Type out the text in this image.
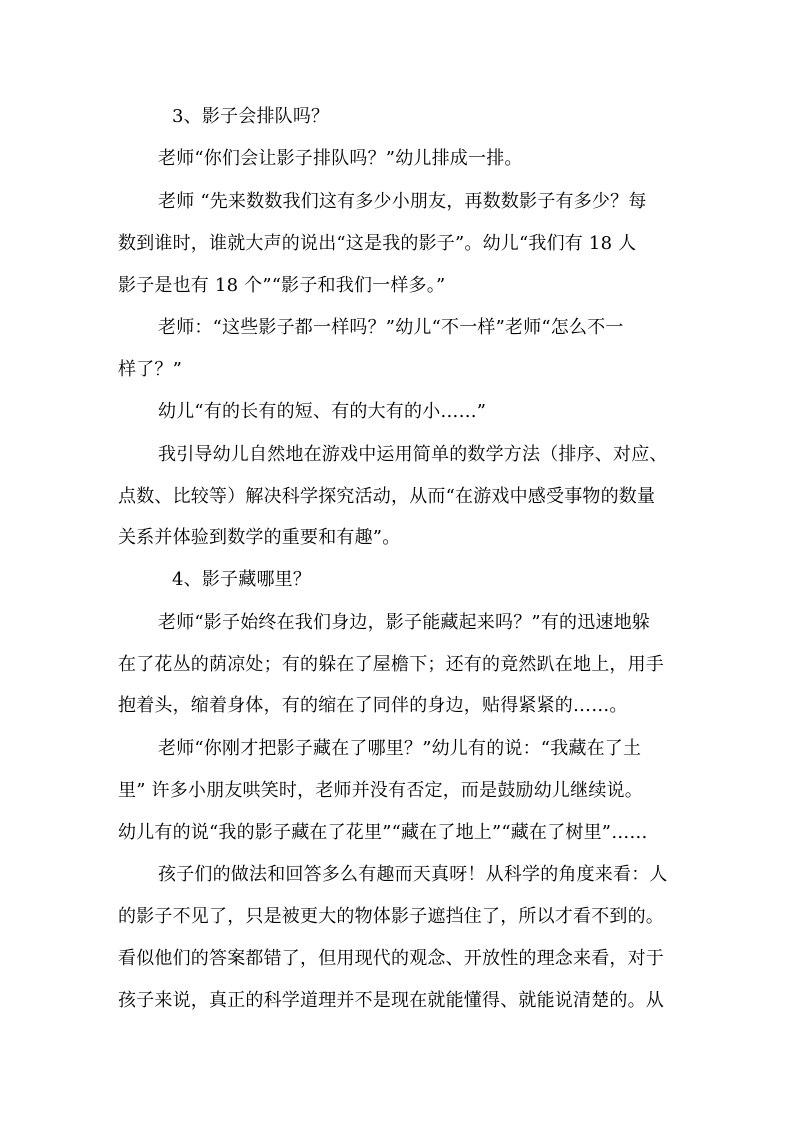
3、影子会排队吗？
老师“你们会让影子排队吗？”幼儿排成一排。
老师 “先来数数我们这有多少小朋友，再数数影子有多少？每
数到谁时，谁就大声的说出“这是我的影子”。幼儿“我们有 18 人
影子是也有 18 个”“影子和我们一样多。”
老师：“这些影子都一样吗？”幼儿“不一样”老师“怎么不一
样了？”
幼儿“有的长有的短、有的大有的小……”
我引导幼儿自然地在游戏中运用简单的数学方法（排序、对应、
点数、比较等）解决科学探究活动，从而“在游戏中感受事物的数量
关系并体验到数学的重要和有趣”。
4、影子藏哪里？
老师“影子始终在我们身边，影子能藏起来吗？”有的迅速地躲
在了花丛的荫凉处；有的躲在了屋檐下；还有的竟然趴在地上，用手
抱着头，缩着身体，有的缩在了同伴的身边，贴得紧紧的……。
老师“你刚才把影子藏在了哪里？”幼儿有的说：“我藏在了土
里” 许多小朋友哄笑时，老师并没有否定，而是鼓励幼儿继续说。
幼儿有的说“我的影子藏在了花里”“藏在了地上”“藏在了树里”……
孩子们的做法和回答多么有趣而天真呀！从科学的角度来看：人
的影子不见了，只是被更大的物体影子遮挡住了，所以才看不到的。
看似他们的答案都错了，但用现代的观念、开放性的理念来看，对于
孩子来说，真正的科学道理并不是现在就能懂得、就能说清楚的。从
